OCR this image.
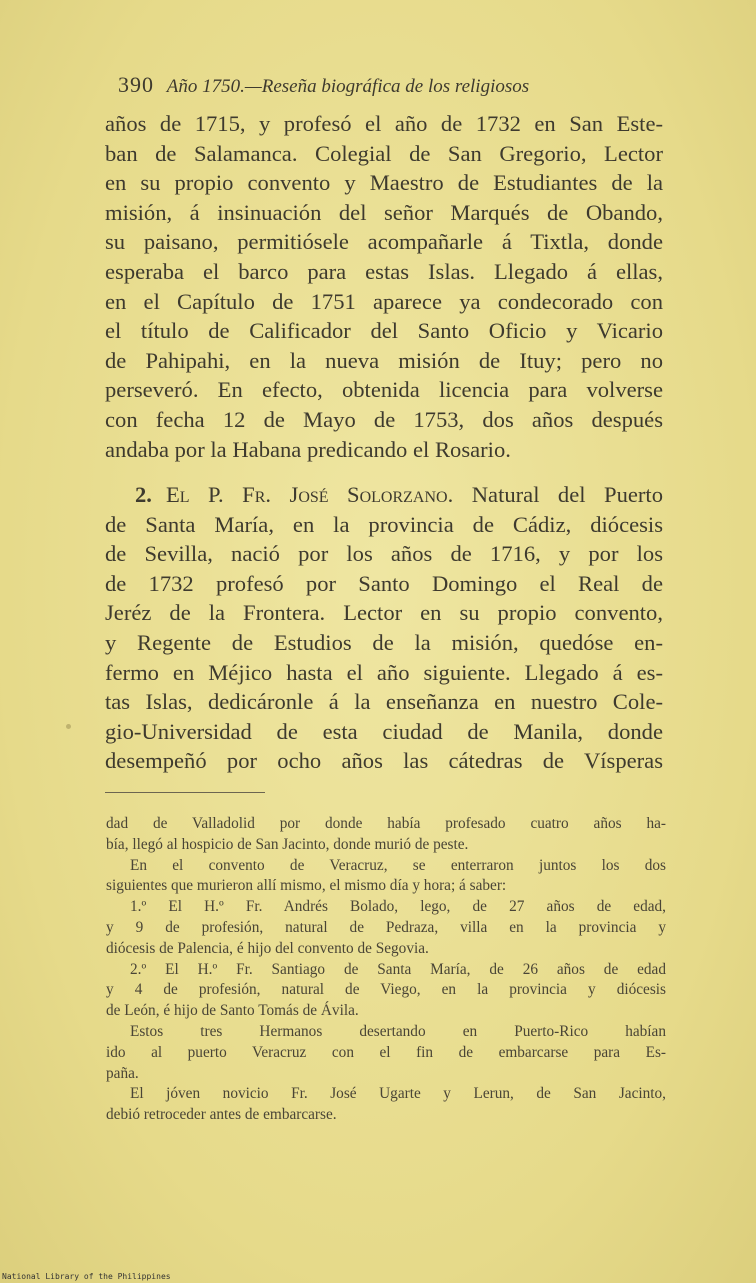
390 Año 1750.—Reseña biográfica de los religiosos
años de 1715, y profesó el año de 1732 en San Este-
ban de Salamanca. Colegial de San Gregorio, Lector
en su propio convento y Maestro de Estudiantes de la
misión, á insinuación del señor Marqués de Obando,
su paisano, permitiósele acompañarle á Tixtla, donde
esperaba el barco para estas Islas. Llegado á ellas,
en el Capítulo de 1751 aparece ya condecorado con
el título de Calificador del Santo Oficio y Vicario
de Pahipahi, en la nueva misión de Ituy; pero no
perseveró. En efecto, obtenida licencia para volverse
con fecha 12 de Mayo de 1753, dos años después
andaba por la Habana predicando el Rosario.
2. El P. Fr. José Solorzano. Natural del Puerto
de Santa María, en la provincia de Cádiz, diócesis
de Sevilla, nació por los años de 1716, y por los
de 1732 profesó por Santo Domingo el Real de
Jeréz de la Frontera. Lector en su propio convento,
y Regente de Estudios de la misión, quedóse en-
fermo en Méjico hasta el año siguiente. Llegado á es-
tas Islas, dedicáronle á la enseñanza en nuestro Cole-
gio-Universidad de esta ciudad de Manila, donde
desempeñó por ocho años las cátedras de Vísperas
dad de Valladolid por donde había profesado cuatro años ha-
bía, llegó al hospicio de San Jacinto, donde murió de peste.
En el convento de Veracruz, se enterraron juntos los dos
siguientes que murieron allí mismo, el mismo día y hora; á saber:
1.º El H.º Fr. Andrés Bolado, lego, de 27 años de edad,
y 9 de profesión, natural de Pedraza, villa en la provincia y
diócesis de Palencia, é hijo del convento de Segovia.
2.º El H.º Fr. Santiago de Santa María, de 26 años de edad
y 4 de profesión, natural de Viego, en la provincia y diócesis
de León, é hijo de Santo Tomás de Ávila.
Estos tres Hermanos desertando en Puerto-Rico habían
ido al puerto Veracruz con el fin de embarcarse para Es-
paña.
El jóven novicio Fr. José Ugarte y Lerun, de San Jacinto,
debió retroceder antes de embarcarse.
National Library of the Philippines
